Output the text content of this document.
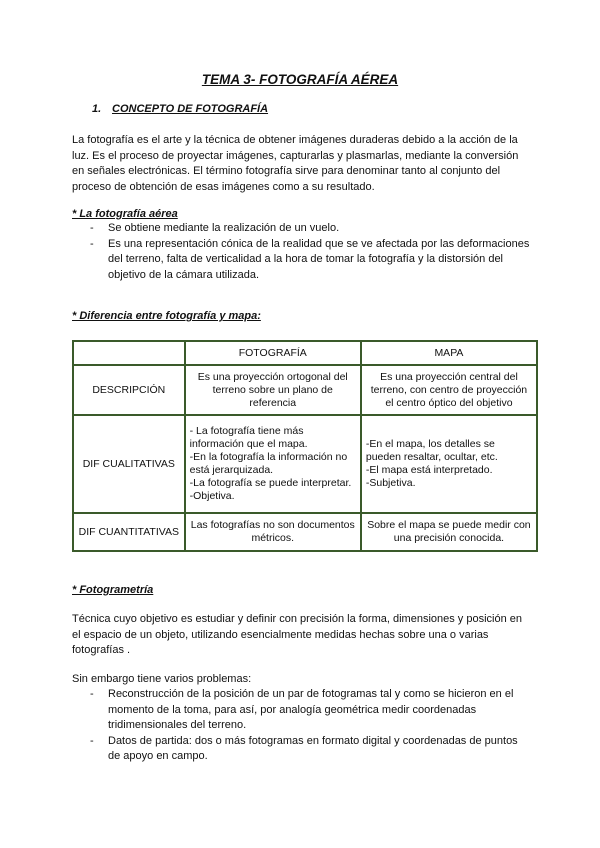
TEMA 3- FOTOGRAFÍA AÉREA
1. CONCEPTO DE FOTOGRAFÍA

La fotografía es el arte y la técnica de obtener imágenes duraderas debido a la acción de la luz. Es el proceso de proyectar imágenes, capturarlas y plasmarlas, mediante la conversión en señales electrónicas. El término fotografía sirve para denominar tanto al conjunto del proceso de obtención de esas imágenes como a su resultado.

* La fotografía aérea
- Se obtiene mediante la realización de un vuelo.
- Es una representación cónica de la realidad que se ve afectada por las deformaciones del terreno, falta de verticalidad a la hora de tomar la fotografía y la distorsión del objetivo de la cámara utilizada.
* Diferencia entre fotografía y mapa:
	FOTOGRAFÍA	MAPA
DESCRIPCIÓN	Es una proyección ortogonal del terreno sobre un plano de referencia	Es una proyección central del terreno, con centro de proyección el centro óptico del objetivo
DIF CUALITATIVAS	- La fotografía tiene más información que el mapa.
-En la fotografía la información no está jerarquizada.
-La fotografía se puede interpretar.
-Objetiva.	-En el mapa, los detalles se pueden resaltar, ocultar, etc.
-El mapa está interpretado.
-Subjetiva.
DIF CUANTITATIVAS	Las fotografías no son documentos métricos.	Sobre el mapa se puede medir con una precisión conocida.
* Fotogrametría

Técnica cuyo objetivo es estudiar y definir con precisión la forma, dimensiones y posición en el espacio de un objeto, utilizando esencialmente medidas hechas sobre una o varias fotografías .

Sin embargo tiene varios problemas:

- Reconstrucción de la posición de un par de fotogramas tal y como se hicieron en el momento de la toma, para así, por analogía geométrica medir coordenadas tridimensionales del terreno.
- Datos de partida: dos o más fotogramas en formato digital y coordenadas de puntos de apoyo en campo.
